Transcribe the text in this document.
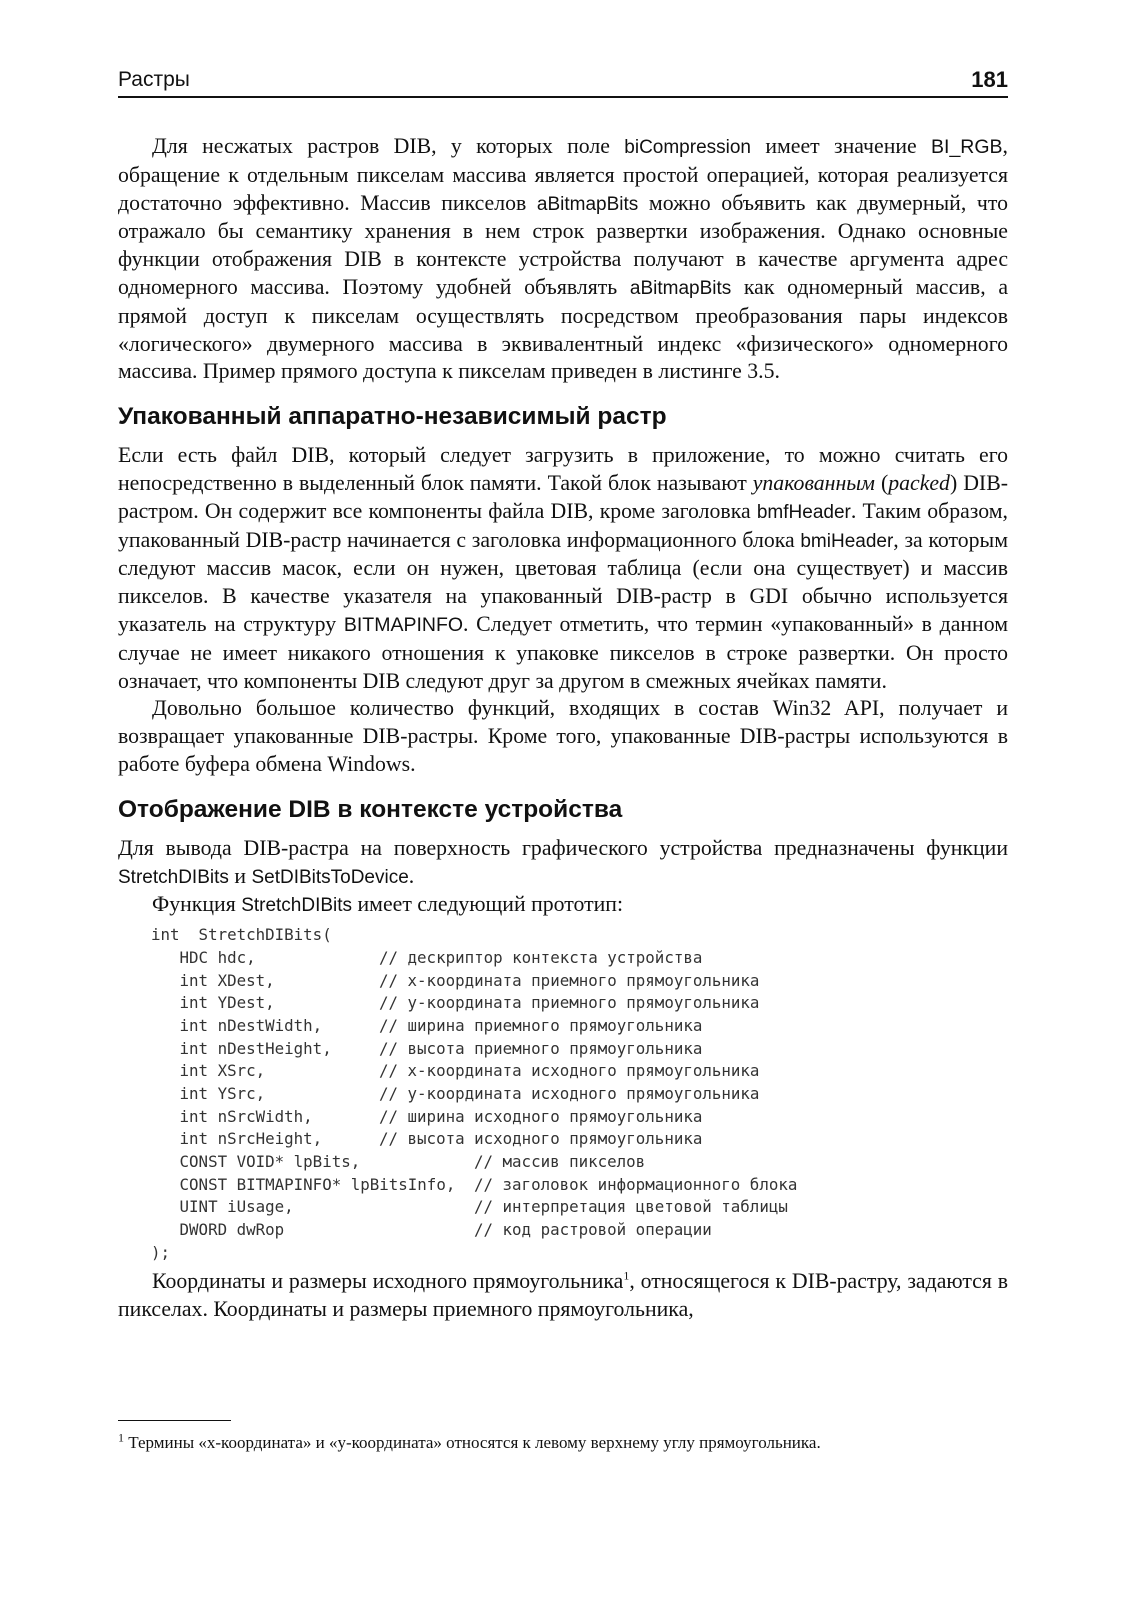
Растры	181

Для несжатых растров DIB, у которых поле biCompression имеет значение BI_RGB, обращение к отдельным пикселам массива является простой операцией, которая реализуется достаточно эффективно. Массив пикселов aBitmapBits можно объявить как двумерный, что отражало бы семантику хранения в нем строк развертки изображения. Однако основные функции отображения DIB в контексте устройства получают в качестве аргумента адрес одномерного массива. Поэтому удобней объявлять aBitmapBits как одномерный массив, а прямой доступ к пикселам осуществлять посредством преобразования пары индексов «логического» двумерного массива в эквивалентный индекс «физического» одномерного массива. Пример прямого доступа к пикселам приведен в листинге 3.5.

Упакованный аппаратно-независимый растр

Если есть файл DIB, который следует загрузить в приложение, то можно считать его непосредственно в выделенный блок памяти. Такой блок называют упакованным (packed) DIB-растром. Он содержит все компоненты файла DIB, кроме заголовка bmfHeader. Таким образом, упакованный DIB-растр начинается с заголовка информационного блока bmiHeader, за которым следуют массив масок, если он нужен, цветовая таблица (если она существует) и массив пикселов. В качестве указателя на упакованный DIB-растр в GDI обычно используется указатель на структуру BITMAPINFO. Следует отметить, что термин «упакованный» в данном случае не имеет никакого отношения к упаковке пикселов в строке развертки. Он просто означает, что компоненты DIB следуют друг за другом в смежных ячейках памяти.

Довольно большое количество функций, входящих в состав Win32 API, получает и возвращает упакованные DIB-растры. Кроме того, упакованные DIB-растры используются в работе буфера обмена Windows.

Отображение DIB в контексте устройства

Для вывода DIB-растра на поверхность графического устройства предназначены функции StretchDIBits и SetDIBitsToDevice.

Функция StretchDIBits имеет следующий прототип:

int  StretchDIBits(
HDC hdc,	// дескриптор контекста устройства
int XDest,	// x-координата приемного прямоугольника
int YDest,	// y-координата приемного прямоугольника
int nDestWidth,	// ширина приемного прямоугольника
int nDestHeight,	// высота приемного прямоугольника
int XSrc,	// x-координата исходного прямоугольника
int YSrc,	// y-координата исходного прямоугольника
int nSrcWidth,	// ширина исходного прямоугольника
int nSrcHeight,	// высота исходного прямоугольника
CONST VOID* lpBits,	// массив пикселов
CONST BITMAPINFO* lpBitsInfo, // заголовок информационного блока
UINT iUsage,	// интерпретация цветовой таблицы
DWORD dwRop	// код растровой операции
);

Координаты и размеры исходного прямоугольника$^1$, относящегося к DIB-растру, задаются в пикселах. Координаты и размеры приемного прямоугольника,

$^1$ Термины «x-координата» и «y-координата» относятся к левому верхнему углу прямоугольника.
